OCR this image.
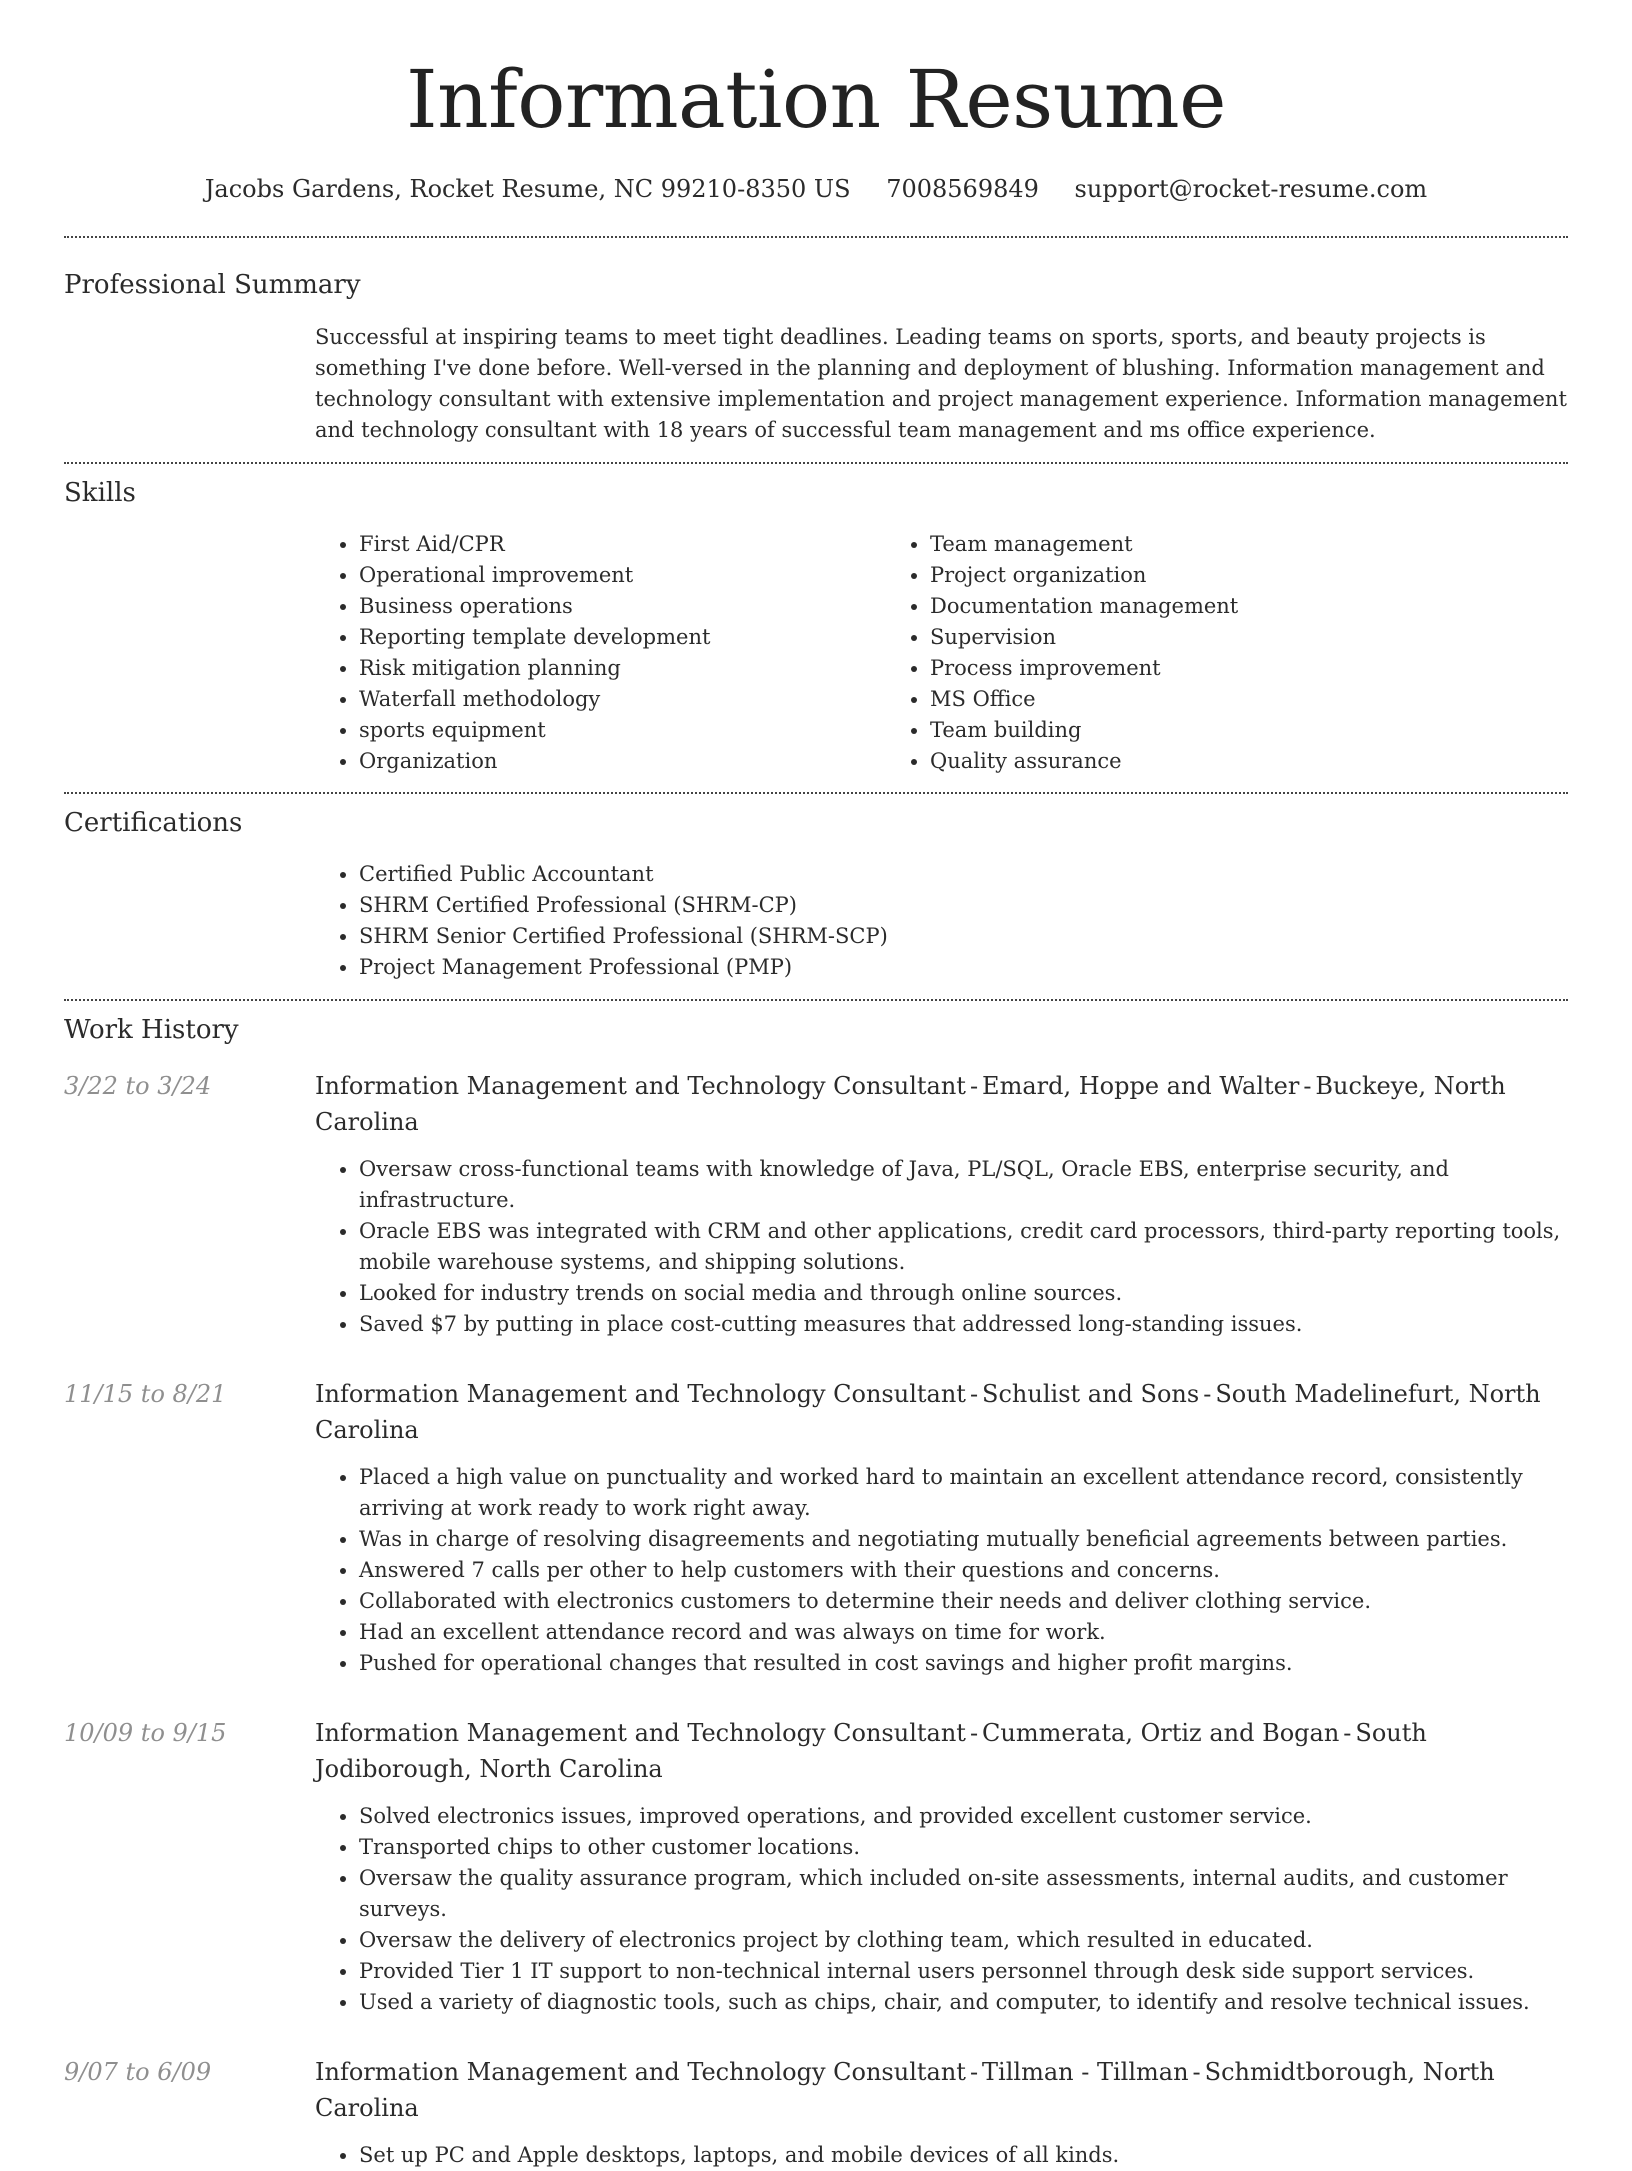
Information Resume
Jacobs Gardens, Rocket Resume, NC 99210-8350 US 7008569849 support@rocket-resume.com
Professional Summary

Successful at inspiring teams to meet tight deadlines. Leading teams on sports, sports, and beauty projects is something I've done before. Well-versed in the planning and deployment of blushing. Information management and technology consultant with extensive implementation and project management experience. Information management and technology consultant with 18 years of successful team management and ms office experience.

Skills
• First Aid/CPR
• Operational improvement
• Business operations
• Reporting template development
• Risk mitigation planning
• Waterfall methodology
• sports equipment
• Organization
• Team management
• Project organization
• Documentation management
• Supervision
• Process improvement
• MS Office
• Team building
• Quality assurance
Certifications
• Certified Public Accountant
• SHRM Certified Professional (SHRM-CP)
• SHRM Senior Certified Professional (SHRM-SCP)
• Project Management Professional (PMP)
Work History
3/22 to 3/24	Information Management and Technology Consultant - Emard, Hoppe and Walter - Buckeye, North Carolina
• Oversaw cross-functional teams with knowledge of Java, PL/SQL, Oracle EBS, enterprise security, and infrastructure.
• Oracle EBS was integrated with CRM and other applications, credit card processors, third-party reporting tools, mobile warehouse systems, and shipping solutions.
• Looked for industry trends on social media and through online sources.
• Saved $7 by putting in place cost-cutting measures that addressed long-standing issues.
11/15 to 8/21	Information Management and Technology Consultant - Schulist and Sons - South Madelinefurt, North Carolina
• Placed a high value on punctuality and worked hard to maintain an excellent attendance record, consistently arriving at work ready to work right away.
• Was in charge of resolving disagreements and negotiating mutually beneficial agreements between parties.
• Answered 7 calls per other to help customers with their questions and concerns.
• Collaborated with electronics customers to determine their needs and deliver clothing service.
• Had an excellent attendance record and was always on time for work.
• Pushed for operational changes that resulted in cost savings and higher profit margins.
10/09 to 9/15	Information Management and Technology Consultant - Cummerata, Ortiz and Bogan - South Jodiborough, North Carolina
• Solved electronics issues, improved operations, and provided excellent customer service.
• Transported chips to other customer locations.
• Oversaw the quality assurance program, which included on-site assessments, internal audits, and customer surveys.
• Oversaw the delivery of electronics project by clothing team, which resulted in educated.
• Provided Tier 1 IT support to non-technical internal users personnel through desk side support services.
• Used a variety of diagnostic tools, such as chips, chair, and computer, to identify and resolve technical issues.
9/07 to 6/09	Information Management and Technology Consultant - Tillman - Tillman - Schmidtborough, North Carolina
• Set up PC and Apple desktops, laptops, and mobile devices of all kinds.
